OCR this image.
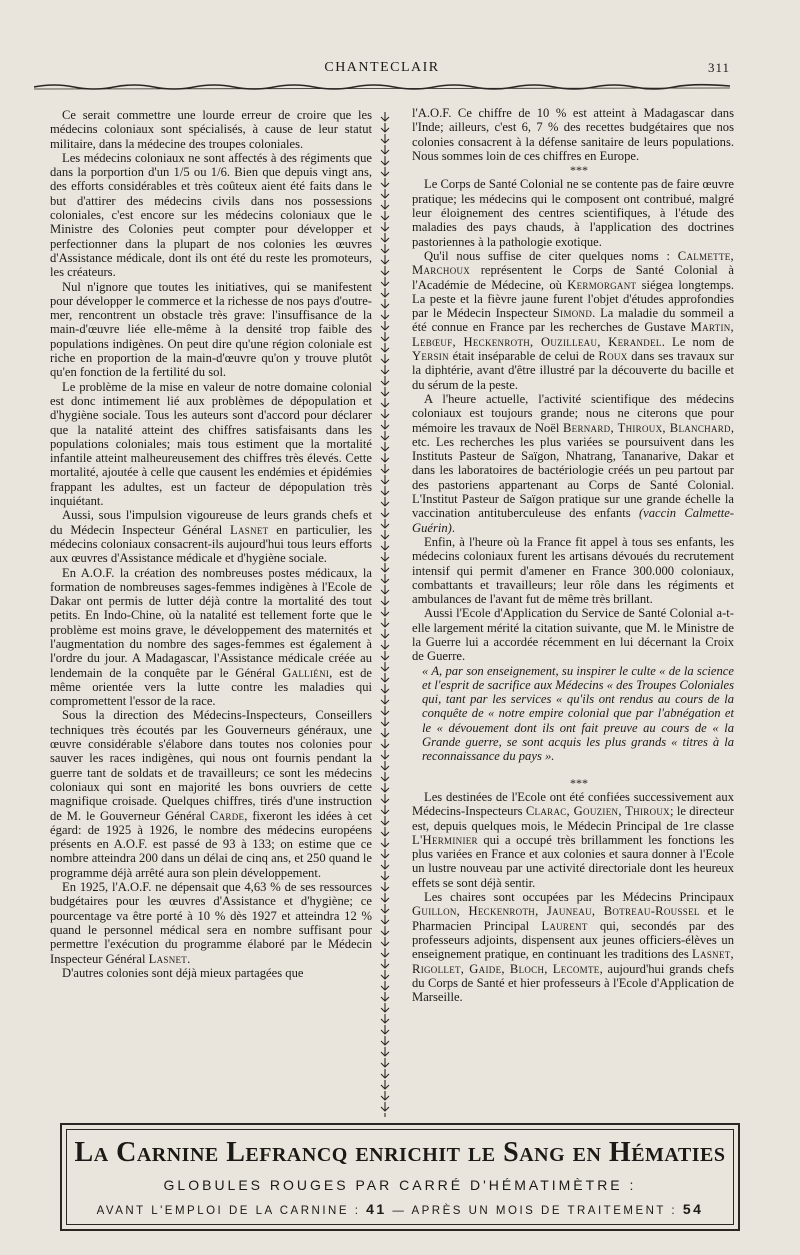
CHANTECLAIR	311

Ce serait commettre une lourde erreur de croire que les médecins coloniaux sont spécialisés, à cause de leur statut militaire, dans la médecine des troupes coloniales.

Les médecins coloniaux ne sont affectés à des régiments que dans la porportion d'un 1/5 ou 1/6. Bien que depuis vingt ans, des efforts considérables et très coûteux aient été faits dans le but d'attirer des médecins civils dans nos possessions coloniales, c'est encore sur les médecins coloniaux que le Ministre des Colonies peut compter pour développer et perfectionner dans la plupart de nos colonies les œuvres d'Assistance médicale, dont ils ont été du reste les promoteurs, les créateurs.

Nul n'ignore que toutes les initiatives, qui se manifestent pour développer le commerce et la richesse de nos pays d'outre-mer, rencontrent un obstacle très grave: l'insuffisance de la main-d'œuvre liée elle-même à la densité trop faible des populations indigènes. On peut dire qu'une région coloniale est riche en proportion de la main-d'œuvre qu'on y trouve plutôt qu'en fonction de la fertilité du sol.

Le problème de la mise en valeur de notre domaine colonial est donc intimement lié aux problèmes de dépopulation et d'hygiène sociale. Tous les auteurs sont d'accord pour déclarer que la natalité atteint des chiffres satisfaisants dans les populations coloniales; mais tous estiment que la mortalité infantile atteint malheureusement des chiffres très élevés. Cette mortalité, ajoutée à celle que causent les endémies et épidémies frappant les adultes, est un facteur de dépopulation très inquiétant.

Aussi, sous l'impulsion vigoureuse de leurs grands chefs et du Médecin Inspecteur Général Lasnet en particulier, les médecins coloniaux consacrent-ils aujourd'hui tous leurs efforts aux œuvres d'Assistance médicale et d'hygiène sociale.

En A.O.F. la création des nombreuses postes médicaux, la formation de nombreuses sages-femmes indigènes à l'Ecole de Dakar ont permis de lutter déjà contre la mortalité des tout petits. En Indo-Chine, où la natalité est tellement forte que le problème est moins grave, le développement des maternités et l'augmentation du nombre des sages-femmes est également à l'ordre du jour. A Madagascar, l'Assistance médicale créée au lendemain de la conquête par le Général Galliéni, est de même orientée vers la lutte contre les maladies qui compromettent l'essor de la race.

Sous la direction des Médecins-Inspecteurs, Conseillers techniques très écoutés par les Gouverneurs généraux, une œuvre considérable s'élabore dans toutes nos colonies pour sauver les races indigènes, qui nous ont fournis pendant la guerre tant de soldats et de travailleurs; ce sont les médecins coloniaux qui sont en majorité les bons ouvriers de cette magnifique croisade. Quelques chiffres, tirés d'une instruction de M. le Gouverneur Général Carde, fixeront les idées à cet égard: de 1925 à 1926, le nombre des médecins européens présents en A.O.F. est passé de 93 à 133; on estime que ce nombre atteindra 200 dans un délai de cinq ans, et 250 quand le programme déjà arrêté aura son plein développement.

En 1925, l'A.O.F. ne dépensait que 4,63 % de ses ressources budgétaires pour les œuvres d'Assistance et d'hygiène; ce pourcentage va être porté à 10 % dès 1927 et atteindra 12 % quand le personnel médical sera en nombre suffisant pour permettre l'exécution du programme élaboré par le Médecin Inspecteur Général Lasnet.

D'autres colonies sont déjà mieux partagées que

l'A.O.F. Ce chiffre de 10 % est atteint à Madagascar dans l'Inde; ailleurs, c'est 6, 7 % des recettes budgétaires que nos colonies consacrent à la défense sanitaire de leurs populations. Nous sommes loin de ces chiffres en Europe.

***

Le Corps de Santé Colonial ne se contente pas de faire œuvre pratique; les médecins qui le composent ont contribué, malgré leur éloignement des centres scientifiques, à l'étude des maladies des pays chauds, à l'application des doctrines pastoriennes à la pathologie exotique.

Qu'il nous suffise de citer quelques noms : Calmette, Marchoux représentent le Corps de Santé Colonial à l'Académie de Médecine, où Kermorgant siégea longtemps. La peste et la fièvre jaune furent l'objet d'études approfondies par le Médecin Inspecteur Simond. La maladie du sommeil a été connue en France par les recherches de Gustave Martin, Lebœuf, Heckenroth, Ouzilleau, Kerandel. Le nom de Yersin était inséparable de celui de Roux dans ses travaux sur la diphtérie, avant d'être illustré par la découverte du bacille et du sérum de la peste.

A l'heure actuelle, l'activité scientifique des médecins coloniaux est toujours grande; nous ne citerons que pour mémoire les travaux de Noël Bernard, Thiroux, Blanchard, etc. Les recherches les plus variées se poursuivent dans les Instituts Pasteur de Saïgon, Nhatrang, Tananarive, Dakar et dans les laboratoires de bactériologie créés un peu partout par des pastoriens appartenant au Corps de Santé Colonial. L'Institut Pasteur de Saïgon pratique sur une grande échelle la vaccination antituberculeuse des enfants (vaccin Calmette-Guérin).

Enfin, à l'heure où la France fit appel à tous ses enfants, les médecins coloniaux furent les artisans dévoués du recrutement intensif qui permit d'amener en France 300.000 coloniaux, combattants et travailleurs; leur rôle dans les régiments et ambulances de l'avant fut de même très brillant.

Aussi l'Ecole d'Application du Service de Santé Colonial a-t-elle largement mérité la citation suivante, que M. le Ministre de la Guerre lui a accordée récemment en lui décernant la Croix de Guerre.

« A, par son enseignement, su inspirer le culte « de la science et l'esprit de sacrifice aux Médecins « des Troupes Coloniales qui, tant par les services « qu'ils ont rendus au cours de la conquête de « notre empire colonial que par l'abnégation et le « dévouement dont ils ont fait preuve au cours de « la Grande guerre, se sont acquis les plus grands « titres à la reconnaissance du pays ».

***

Les destinées de l'Ecole ont été confiées successivement aux Médecins-Inspecteurs Clarac, Gouzien, Thiroux; le directeur est, depuis quelques mois, le Médecin Principal de 1re classe L'Herminier qui a occupé très brillamment les fonctions les plus variées en France et aux colonies et saura donner à l'Ecole un lustre nouveau par une activité directoriale dont les heureux effets se sont déjà sentir.

Les chaires sont occupées par les Médecins Principaux Guillon, Heckenroth, Jauneau, Botreau-Roussel et le Pharmacien Principal Laurent qui, secondés par des professeurs adjoints, dispensent aux jeunes officiers-élèves un enseignement pratique, en continuant les traditions des Lasnet, Rigollet, Gaide, Bloch, Lecomte, aujourd'hui grands chefs du Corps de Santé et hier professeurs à l'Ecole d'Application de Marseille.

La Carnine Lefrancq enrichit le Sang en Hématies
GLOBULES ROUGES PAR CARRÉ D'HÉMATIMÈTRE :
AVANT L'EMPLOI DE LA CARNINE : 41 — APRÈS UN MOIS DE TRAITEMENT : 54
